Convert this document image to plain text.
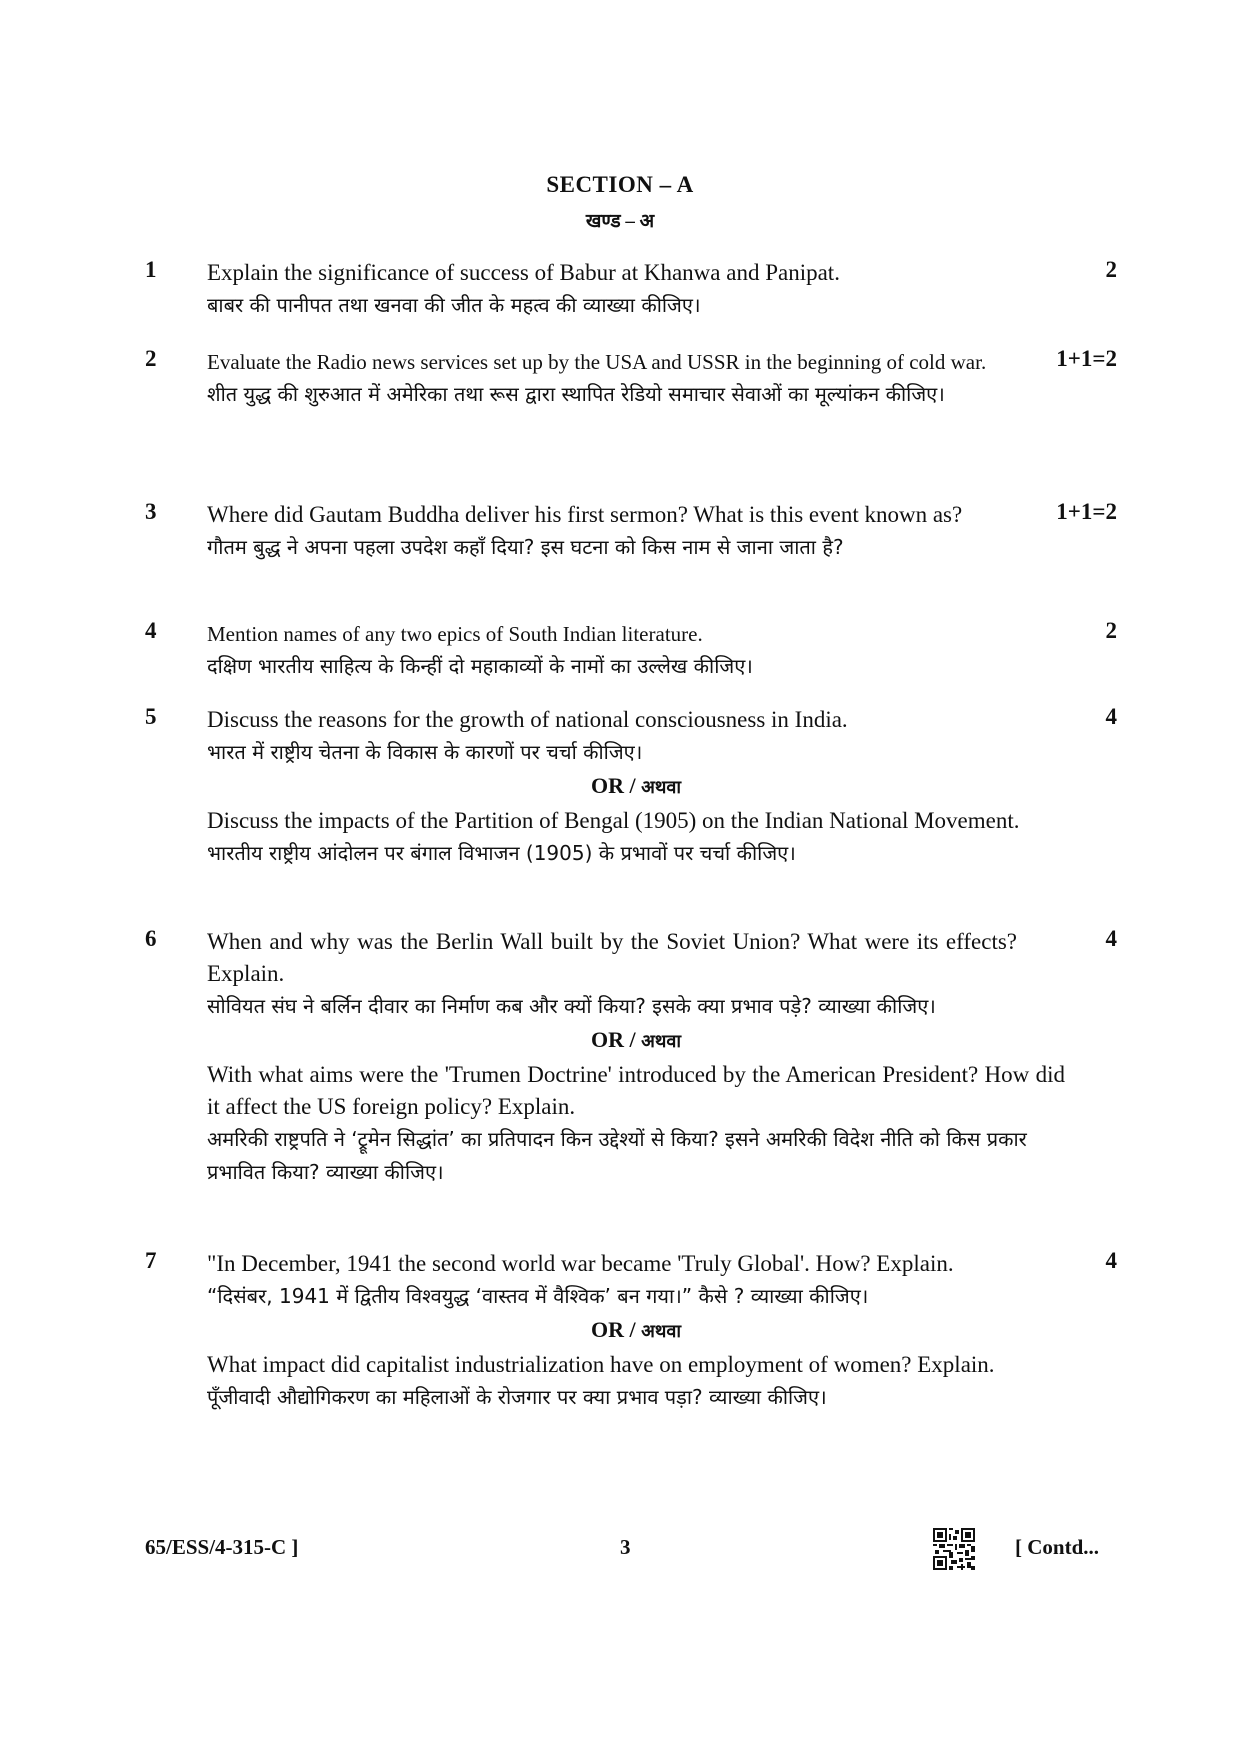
SECTION – A
खण्ड – अ
1	2
Explain the significance of success of Babur at Khanwa and Panipat.
बाबर की पानीपत तथा खनवा की जीत के महत्व की व्याख्या कीजिए।
2	1+1=2
Evaluate the Radio news services set up by the USA and USSR in the beginning of cold war.
शीत युद्ध की शुरुआत में अमेरिका तथा रूस द्वारा स्थापित रेडियो समाचार सेवाओं का मूल्यांकन कीजिए।
3	1+1=2
Where did Gautam Buddha deliver his first sermon? What is this event known as?
गौतम बुद्ध ने अपना पहला उपदेश कहाँ दिया? इस घटना को किस नाम से जाना जाता है?
4	2
Mention names of any two epics of South Indian literature.
दक्षिण भारतीय साहित्य के किन्हीं दो महाकाव्यों के नामों का उल्लेख कीजिए।
5	4
Discuss the reasons for the growth of national consciousness in India.
भारत में राष्ट्रीय चेतना के विकास के कारणों पर चर्चा कीजिए।
OR / अथवा
Discuss the impacts of the Partition of Bengal (1905) on the Indian National Movement.
भारतीय राष्ट्रीय आंदोलन पर बंगाल विभाजन (1905) के प्रभावों पर चर्चा कीजिए।
6	4
When and why was the Berlin Wall built by the Soviet Union? What were its effects? Explain.
सोवियत संघ ने बर्लिन दीवार का निर्माण कब और क्यों किया? इसके क्या प्रभाव पड़े? व्याख्या कीजिए।
OR / अथवा
With what aims were the 'Trumen Doctrine' introduced by the American President? How did it affect the US foreign policy? Explain.
अमरिकी राष्ट्रपति ने ‘ट्रूमेन सिद्धांत’ का प्रतिपादन किन उद्देश्यों से किया? इसने अमरिकी विदेश नीति को किस प्रकार प्रभावित किया? व्याख्या कीजिए।
7	4
"In December, 1941 the second world war became 'Truly Global'. How? Explain.
“दिसंबर, 1941 में द्वितीय विश्वयुद्ध ‘वास्तव में वैश्विक’ बन गया।” कैसे ? व्याख्या कीजिए।
OR / अथवा
What impact did capitalist industrialization have on employment of women? Explain.
पूँजीवादी औद्योगिकरण का महिलाओं के रोजगार पर क्या प्रभाव पड़ा? व्याख्या कीजिए।
65/ESS/4-315-C ]	3	[ Contd...
